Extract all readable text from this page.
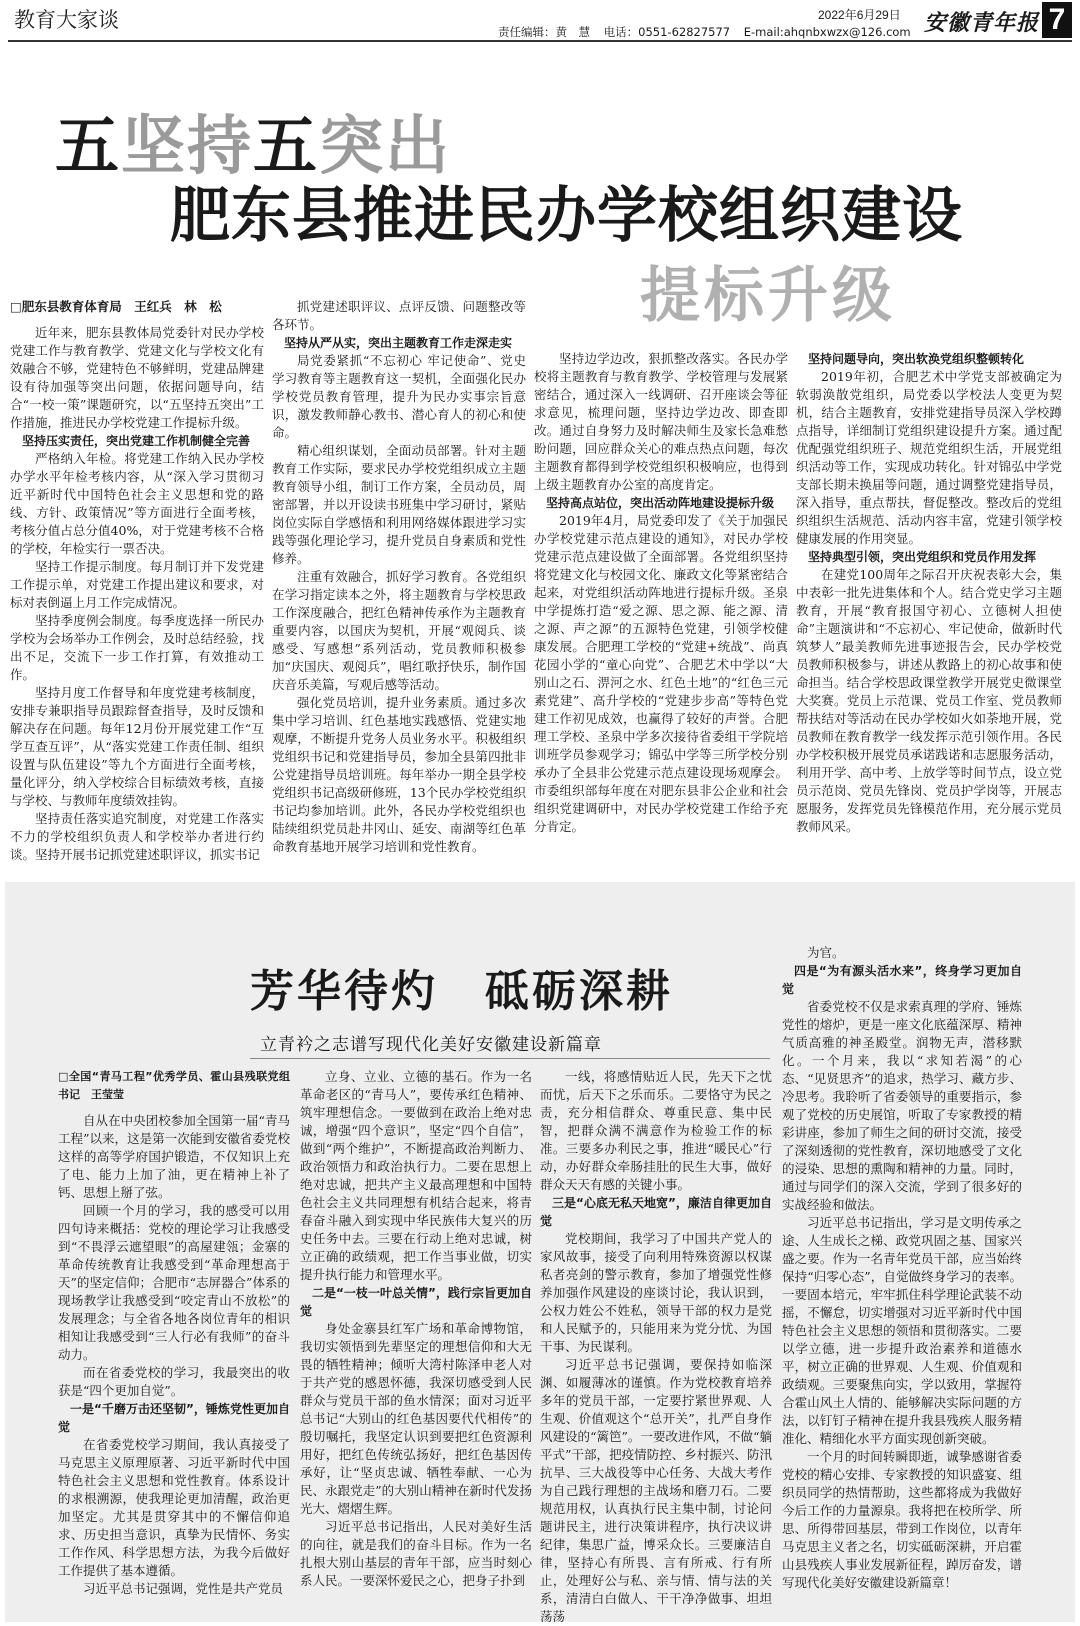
教育大家谈	2022年6月29日
责任编辑：黄　慧 电话：0551-62827577 E-mail:ahqnbxwzx@126.com 安徽青年报 7
五坚持五突出
肥东县推进民办学校组织建设
提标升级

□肥东县教育体育局　王红兵　林　松

近年来，肥东县教体局党委针对民办学校党建工作与教育教学、党建文化与学校文化有效融合不够，党建特色不够鲜明，党建品牌建设有待加强等突出问题，依据问题导向，结合“一校一策”课题研究，以“五坚持五突出”工作措施，推进民办学校党建工作提标升级。

坚持压实责任，突出党建工作机制健全完善

严格纳入年检。将党建工作纳入民办学校办学水平年检考核内容，从“深入学习贯彻习近平新时代中国特色社会主义思想和党的路线、方针、政策情况”等方面进行全面考核，考核分值占总分值40%，对于党建考核不合格的学校，年检实行一票否决。

坚持工作提示制度。每月制订并下发党建工作提示单，对党建工作提出建议和要求，对标对表倒逼上月工作完成情况。

坚持季度例会制度。每季度选择一所民办学校为会场举办工作例会，及时总结经验，找出不足，交流下一步工作打算，有效推动工作。

坚持月度工作督导和年度党建考核制度，安排专兼职指导员跟踪督查指导，及时反馈和解决存在问题。每年12月份开展党建工作“互学互查互评”，从“落实党建工作责任制、组织设置与队伍建设”等九个方面进行全面考核，量化评分，纳入学校综合目标绩效考核，直接与学校、与教师年度绩效挂钩。

坚持责任落实追究制度，对党建工作落实不力的学校组织负责人和学校举办者进行约谈。坚持开展书记抓党建述职评议，抓实书记

抓党建述职评议、点评反馈、问题整改等各环节。

坚持从严从实，突出主题教育工作走深走实

局党委紧抓“不忘初心 牢记使命”、党史学习教育等主题教育这一契机，全面强化民办学校党员教育管理，提升为民办实事宗旨意识，激发教师静心教书、潜心育人的初心和使命。

精心组织谋划，全面动员部署。针对主题教育工作实际，要求民办学校党组织成立主题教育领导小组，制订工作方案，全员动员，周密部署，并以开设读书班集中学习研讨，紧贴岗位实际自学感悟和利用网络媒体跟进学习实践等强化理论学习，提升党员自身素质和党性修养。

注重有效融合，抓好学习教育。各党组织在学习指定读本之外，将主题教育与学校思政工作深度融合，把红色精神传承作为主题教育重要内容，以国庆为契机，开展“观阅兵、谈感受、写感想”系列活动，党员教师积极参加“庆国庆、观阅兵”，唱红歌抒快乐，制作国庆音乐美篇，写观后感等活动。

强化党员培训，提升业务素质。通过多次集中学习培训、红色基地实践感悟、党建实地观摩，不断提升党务人员业务水平。积极组织党组织书记和党建指导员，参加全县第四批非公党建指导员培训班。每年举办一期全县学校党组织书记高级研修班，13个民办学校党组织书记均参加培训。此外，各民办学校党组织也陆续组织党员赴井冈山、延安、南湖等红色革命教育基地开展学习培训和党性教育。

坚持边学边改，狠抓整改落实。各民办学校将主题教育与教育教学、学校管理与发展紧密结合，通过深入一线调研、召开座谈会等征求意见，梳理问题，坚持边学边改、即查即改。通过自身努力及时解决师生及家长急难愁盼问题，回应群众关心的难点热点问题，每次主题教育都得到学校党组织积极响应，也得到上级主题教育办公室的高度肯定。

坚持高点站位，突出活动阵地建设提标升级

2019年4月，局党委印发了《关于加强民办学校党建示范点建设的通知》，对民办学校党建示范点建设做了全面部署。各党组织坚持将党建文化与校园文化、廉政文化等紧密结合起来，对党组织活动阵地进行提标升级。圣泉中学提炼打造“爱之源、思之源、能之源、清之源、声之源”的五源特色党建，引领学校健康发展。合肥理工学校的“党建+统战”、尚真花园小学的“童心向党”、合肥艺术中学以“大别山之石、淠河之水、红色土地”的“红色三元素党建”、高升学校的“党建步步高”等特色党建工作初见成效，也赢得了较好的声誉。合肥理工学校、圣泉中学多次接待省委组干学院培训班学员参观学习；锦弘中学等三所学校分别承办了全县非公党建示范点建设现场观摩会。市委组织部每年度在对肥东县非公企业和社会组织党建调研中，对民办学校党建工作给予充分肯定。

坚持问题导向，突出软涣党组织整顿转化

2019年初，合肥艺术中学党支部被确定为软弱涣散党组织，局党委以学校法人变更为契机，结合主题教育，安排党建指导员深入学校蹲点指导，详细制订党组织建设提升方案。通过配优配强党组织班子、规范党组织生活，开展党组织活动等工作，实现成功转化。针对锦弘中学党支部长期未换届等问题，通过调整党建指导员，深入指导，重点帮扶，督促整改。整改后的党组织组织生活规范、活动内容丰富，党建引领学校健康发展的作用突显。

坚持典型引领，突出党组织和党员作用发挥

在建党100周年之际召开庆祝表彰大会，集中表彰一批先进集体和个人。结合党史学习主题教育，开展“教育报国守初心、立德树人担使命”主题演讲和“不忘初心、牢记使命，做新时代筑梦人”最美教师先进事迹报告会，民办学校党员教师积极参与，讲述从教路上的初心故事和使命担当。结合学校思政课堂教学开展党史微课堂大奖赛。党员上示范课、党员工作室、党员教师帮扶结对等活动在民办学校如火如荼地开展，党员教师在教育教学一线发挥示范引领作用。各民办学校积极开展党员承诺践诺和志愿服务活动，利用开学、高中考、上放学等时间节点，设立党员示范岗、党员先锋岗、党员护学岗等，开展志愿服务，发挥党员先锋模范作用，充分展示党员教师风采。

芳华待灼　砥砺深耕
立青衿之志谱写现代化美好安徽建设新篇章

□全国“青马工程”优秀学员、霍山县残联党组书记　王莹莹

自从在中央团校参加全国第一届“青马工程”以来，这是第一次能到安徽省委党校这样的高等学府国护锻造，不仅知识上充了电、能力上加了油，更在精神上补了钙、思想上掰了弦。

回顾一个月的学习，我的感受可以用四句诗来概括：党校的理论学习让我感受到“不畏浮云遮望眼”的高屋建瓴；金寨的革命传统教育让我感受到“革命理想高于天”的坚定信仰；合肥市“志屏器合”体系的现场教学让我感受到“咬定青山不放松”的发展理念；与全省各地各岗位青年的相识相知让我感受到“三人行必有我师”的奋斗动力。

而在省委党校的学习，我最突出的收获是“四个更加自觉”。

一是“千磨万击还坚韧”，锤炼党性更加自觉

在省委党校学习期间，我认真接受了马克思主义原理原著、习近平新时代中国特色社会主义思想和党性教育。体系设计的求根溯源，使我理论更加清醒，政治更加坚定。尤其是贯穿其中的不懈信仰追求、历史担当意识，真挚为民情怀、务实工作作风、科学思想方法，为我今后做好工作提供了基本遵循。

习近平总书记强调，党性是共产党员

立身、立业、立德的基石。作为一名革命老区的“青马人”，要传承红色精神、筑牢理想信念。一要做到在政治上绝对忠诚，增强“四个意识”，坚定“四个自信”，做到“两个维护”，不断提高政治判断力、政治领悟力和政治执行力。二要在思想上绝对忠诚，把共产主义最高理想和中国特色社会主义共同理想有机结合起来，将青春奋斗融入到实现中华民族伟大复兴的历史任务中去。三要在行动上绝对忠诚，树立正确的政绩观，把工作当事业做，切实提升执行能力和管理水平。

二是“一枝一叶总关情”，践行宗旨更加自觉

身处金寨县红军广场和革命博物馆，我切实领悟到先辈坚定的理想信仰和大无畏的牺牲精神；倾听大湾村陈泽申老人对于共产党的感恩怀德，我深切感受到人民群众与党员干部的鱼水情深；面对习近平总书记“大别山的红色基因要代代相传”的殷切嘱托，我坚定认识到要把红色资源利用好，把红色传统弘扬好，把红色基因传承好，让“坚贞忠诚、牺牲奉献、一心为民、永跟党走”的大别山精神在新时代发扬光大、熠熠生辉。

习近平总书记指出，人民对美好生活的向往，就是我们的奋斗目标。作为一名扎根大别山基层的青年干部，应当时刻心系人民。一要深怀爱民之心，把身子扑到

一线，将感情贴近人民，先天下之忧而忧，后天下之乐而乐。二要恪守为民之责，充分相信群众、尊重民意、集中民智，把群众满不满意作为检验工作的标准。三要多办利民之事，推进“暖民心”行动，办好群众牵肠挂肚的民生大事，做好群众天天有感的关键小事。

三是“心底无私天地宽”，廉洁自律更加自觉

党校期间，我学习了中国共产党人的家风故事，接受了向利用特殊资源以权谋私者亮剑的警示教育，参加了增强党性修养加强作风建设的座谈讨论，我认识到，公权力姓公不姓私，领导干部的权力是党和人民赋予的，只能用来为党分忧、为国干事、为民谋利。

习近平总书记强调，要保持如临深渊、如履薄冰的谨慎。作为党校教育培养多年的党员干部，一定要拧紧世界观、人生观、价值观这个“总开关”，扎严自身作风建设的“篱笆”。一要改进作风，不做“躺平式”干部，把疫情防控、乡村振兴、防汛抗旱、三大战役等中心任务、大战大考作为自己践行理想的主战场和磨刀石。二要规范用权，认真执行民主集中制，讨论问题讲民主，进行决策讲程序，执行决议讲纪律，集思广益，博采众长。三要廉洁自律，坚持心有所畏、言有所戒、行有所止，处理好公与私、亲与情、情与法的关系，清清白白做人、干干净净做事、坦坦荡荡

为官。

四是“为有源头活水来”，终身学习更加自觉

省委党校不仅是求索真理的学府、锤炼党性的熔炉，更是一座文化底蕴深厚、精神气质高雅的神圣殿堂。润物无声，潜移默化。一个月来，我以“求知若渴”的心态、“见贤思齐”的追求，热学习、藏方步、冷思考。我聆听了省委领导的重要指示，参观了党校的历史展馆，听取了专家教授的精彩讲座，参加了师生之间的研讨交流，接受了深刻透彻的党性教育，深切地感受了文化的浸染、思想的熏陶和精神的力量。同时，通过与同学们的深入交流，学到了很多好的实战经验和做法。

习近平总书记指出，学习是文明传承之途、人生成长之梯、政党巩固之基、国家兴盛之要。作为一名青年党员干部，应当始终保持“归零心态”，自觉做终身学习的表率。一要固本培元，牢牢抓住科学理论武装不动摇，不懈怠，切实增强对习近平新时代中国特色社会主义思想的领悟和贯彻落实。二要以学立德，进一步提升政治素养和道德水平，树立正确的世界观、人生观、价值观和政绩观。三要聚焦向实，学以致用，掌握符合霍山风土人情的、能够解决实际问题的方法，以钉钉子精神在提升我县残疾人服务精准化、精细化水平方面实现创新突破。

一个月的时间转瞬即逝，诚挚感谢省委党校的精心安排、专家教授的知识盛宴、组织员同学的热情帮助，这些都将成为我做好今后工作的力量源泉。我将把在校所学、所思、所得带回基层，带到工作岗位，以青年马克思主义者之名，切实砥砺深耕，开启霍山县残疾人事业发展新征程，踔厉奋发，谱写现代化美好安徽建设新篇章！
